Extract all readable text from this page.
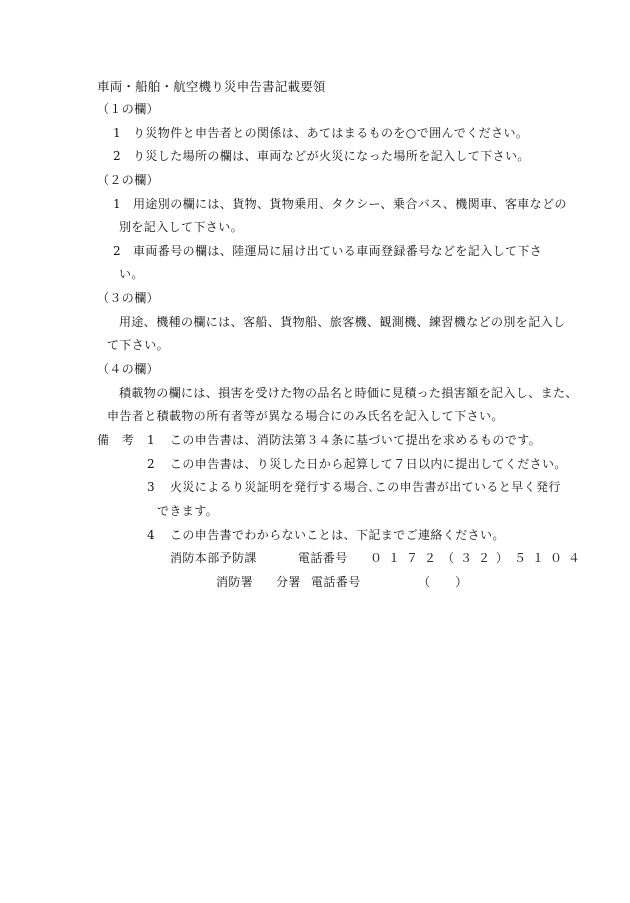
車両・船舶・航空機り災申告書記載要領
（１の欄）
1 り災物件と申告者との関係は、あてはまるものを○で囲んでください。
2 り災した場所の欄は、車両などが火災になった場所を記入して下さい。
（２の欄）
1 用途別の欄には、貨物、貨物乗用、タクシー、乗合バス、機関車、客車などの
別を記入して下さい。
2 車両番号の欄は、陸運局に届け出ている車両登録番号などを記入して下さ
い。
（３の欄）
用途、機種の欄には、客船、貨物船、旅客機、観測機、練習機などの別を記入し
て下さい。
（４の欄）
積載物の欄には、損害を受けた物の品名と時価に見積った損害額を記入し、また、
申告者と積載物の所有者等が異なる場合にのみ氏名を記入して下さい。
備　考 1 この申告書は、消防法第３４条に基づいて提出を求めるものです。
2 この申告書は、り災した日から起算して７日以内に提出してください。
3 火災によるり災証明を発行する場合､この申告書が出ていると早く発行
できます。
4 この申告書でわからないことは、下記までご連絡ください。
消防本部予防課	電話番号 ０１７２（３２）５１０４
消防署 分署 電話番号	（　　）
